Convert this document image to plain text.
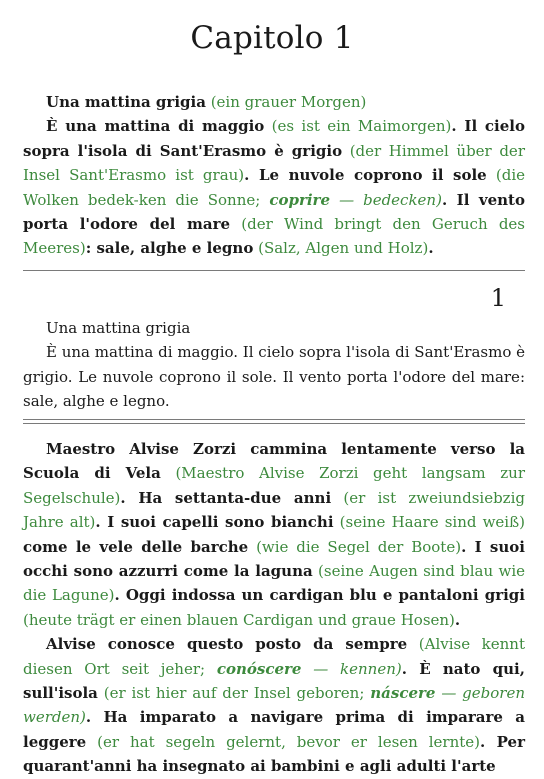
Capitolo 1
Una mattina grigia (ein grauer Morgen)
È una mattina di maggio (es ist ein Maimorgen). Il cielo sopra l'isola di Sant'Erasmo è grigio (der Himmel über der Insel Sant'Erasmo ist grau). Le nuvole coprono il sole (die Wolken bedek-ken die Sonne; coprire — bedecken). Il vento porta l'odore del mare (der Wind bringt den Geruch des Meeres): sale, alghe e legno (Salz, Algen und Holz).
1
Una mattina grigia
È una mattina di maggio. Il cielo sopra l'isola di Sant'Erasmo è grigio. Le nuvole coprono il sole. Il vento porta l'odore del mare: sale, alghe e legno.
Maestro Alvise Zorzi cammina lentamente verso la Scuola di Vela (Maestro Alvise Zorzi geht langsam zur Segelschule). Ha settanta-due anni (er ist zweiundsiebzig Jahre alt). I suoi capelli sono bianchi (seine Haare sind weiß) come le vele delle barche (wie die Segel der Boote). I suoi occhi sono azzurri come la laguna (seine Augen sind blau wie die Lagune). Oggi indossa un cardigan blu e pantaloni grigi (heute trägt er einen blauen Cardigan und graue Hosen).
Alvise conosce questo posto da sempre (Alvise kennt diesen Ort seit jeher; conóscere — kennen). È nato qui, sull'isola (er ist hier auf der Insel geboren; náscere — geboren werden). Ha imparato a navigare prima di imparare a leggere (er hat segeln gelernt, bevor er lesen lernte). Per quarant'anni ha insegnato ai bambini e agli adulti l'arte
